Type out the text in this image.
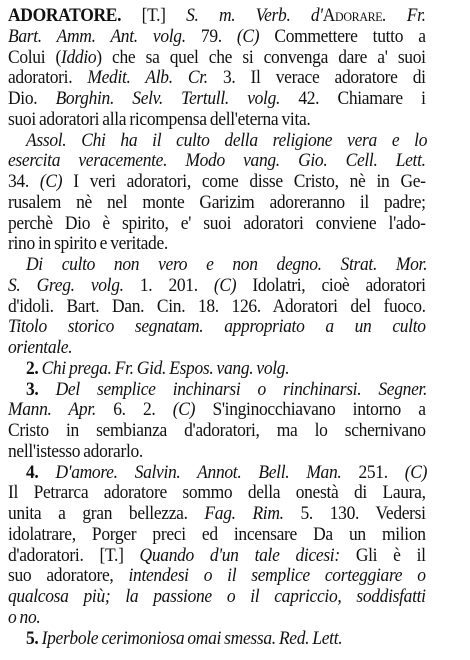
ADORATORE. [T.] S. m. Verb. d'Adorare. Fr.
Bart. Amm. Ant. volg. 79. (C) Commettere tutto a
Colui (Iddio) che sa quel che si convenga dare a' suoi
adoratori. Medit. Alb. Cr. 3. Il verace adoratore di
Dio. Borghin. Selv. Tertull. volg. 42. Chiamare i
suoi adoratori alla ricompensa dell'eterna vita.
Assol. Chi ha il culto della religione vera e lo
esercita veracemente. Modo vang. Gio. Cell. Lett.
34. (C) I veri adoratori, come disse Cristo, nè in Ge-
rusalem nè nel monte Garizim adoreranno il padre;
perchè Dio è spirito, e' suoi adoratori conviene l'ado-
rino in spirito e veritade.
Di culto non vero e non degno. Strat. Mor.
S. Greg. volg. 1. 201. (C) Idolatri, cioè adoratori
d'idoli. Bart. Dan. Cin. 18. 126. Adoratori del fuoco.
Titolo storico segnatam. appropriato a un culto
orientale.
2. Chi prega. Fr. Gid. Espos. vang. volg.
3. Del semplice inchinarsi o rinchinarsi. Segner.
Mann. Apr. 6. 2. (C) S'inginocchiavano intorno a
Cristo in sembianza d'adoratori, ma lo schernivano
nell'istesso adorarlo.
4. D'amore. Salvin. Annot. Bell. Man. 251. (C)
Il Petrarca adoratore sommo della onestà di Laura,
unita a gran bellezza. Fag. Rim. 5. 130. Vedersi
idolatrare, Porger preci ed incensare Da un milion
d'adoratori. [T.] Quando d'un tale dicesi: Gli è il
suo adoratore, intendesi o il semplice corteggiare o
qualcosa più; la passione o il capriccio, soddisfatti
o no.
5. Iperbole cerimoniosa omai smessa. Red. Lett.
